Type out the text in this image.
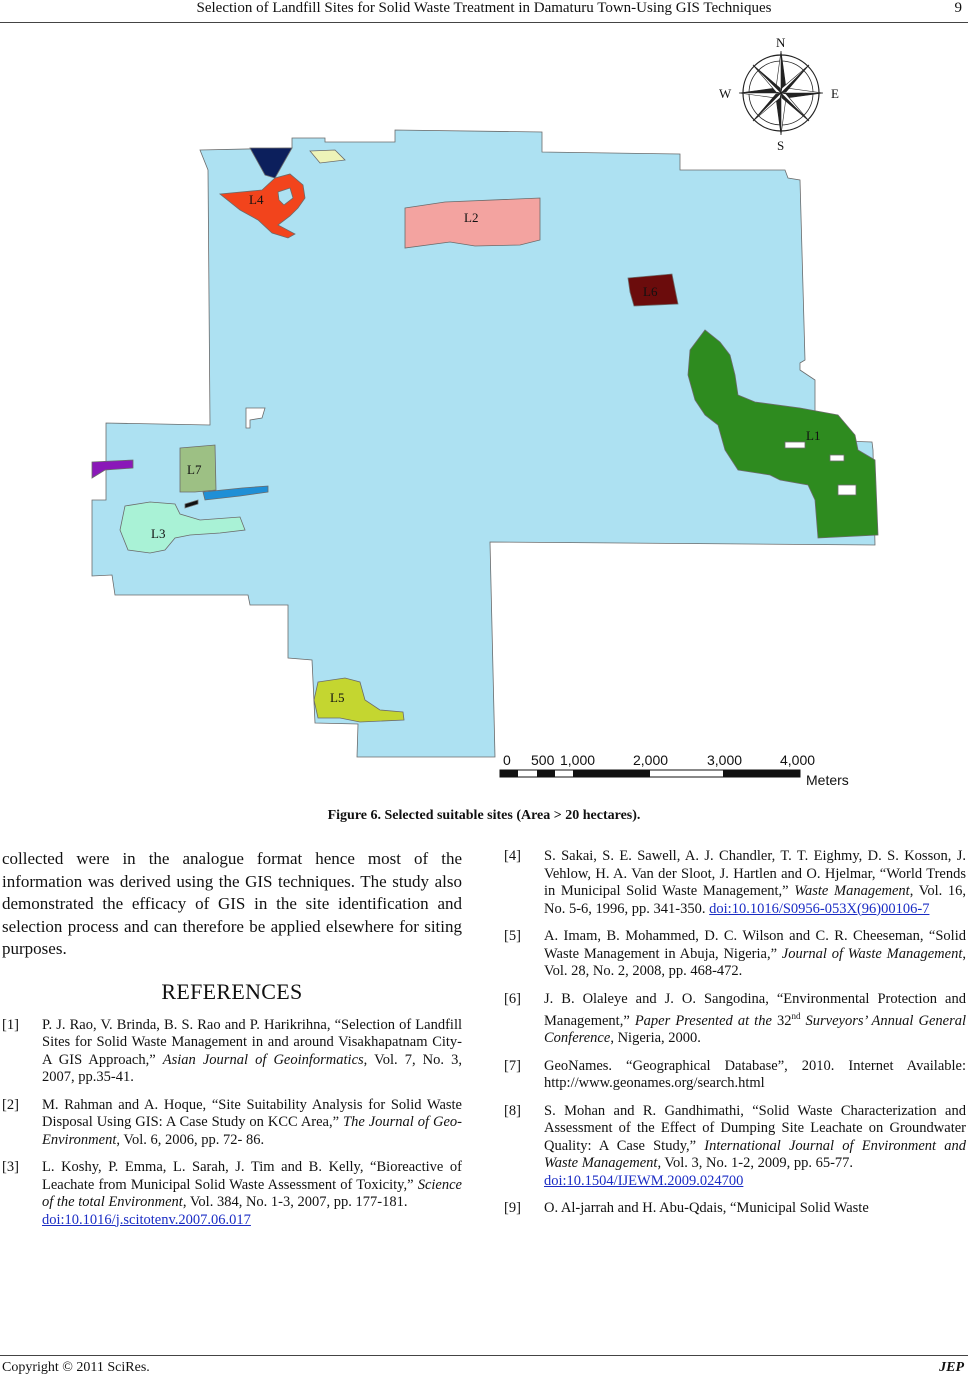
Selection of Landfill Sites for Solid Waste Treatment in Damaturu Town-Using GIS Techniques	9
L4
L2
L6
L1
L7
L3
L5
N
E
S
W
0 500 1,000	2,000	3,000	4,000
Meters
Figure 6. Selected suitable sites (Area > 20 hectares).

collected were in the analogue format hence most of the information was derived using the GIS techniques. The study also demonstrated the efficacy of GIS in the site identification and selection process and can therefore be applied elsewhere for siting purposes.

REFERENCES
[1] P. J. Rao, V. Brinda, B. S. Rao and P. Harikrihna, “Selection of Landfill Sites for Solid Waste Management in and around Visakhapatnam City-A GIS Approach,” Asian Journal of Geoinformatics, Vol. 7, No. 3, 2007, pp.35-41.
[2] M. Rahman and A. Hoque, “Site Suitability Analysis for Solid Waste Disposal Using GIS: A Case Study on KCC Area,” The Journal of Geo-Environment, Vol. 6, 2006, pp. 72- 86.
[3] L. Koshy, P. Emma, L. Sarah, J. Tim and B. Kelly, “Bioreactive of Leachate from Municipal Solid Waste Assessment of Toxicity,” Science of the total Environment, Vol. 384, No. 1-3, 2007, pp. 177-181.
doi:10.1016/j.scitotenv.2007.06.017
[4] S. Sakai, S. E. Sawell, A. J. Chandler, T. T. Eighmy, D. S. Kosson, J. Vehlow, H. A. Van der Sloot, J. Hartlen and O. Hjelmar, “World Trends in Municipal Solid Waste Management,” Waste Management, Vol. 16, No. 5-6, 1996, pp. 341-350. doi:10.1016/S0956-053X(96)00106-7
[5] A. Imam, B. Mohammed, D. C. Wilson and C. R. Cheeseman, “Solid Waste Management in Abuja, Nigeria,” Journal of Waste Management, Vol. 28, No. 2, 2008, pp. 468-472.
[6] J. B. Olaleye and J. O. Sangodina, “Environmental Protection and Management,” Paper Presented at the 32nd Surveyors’ Annual General Conference, Nigeria, 2000.
[7] GeoNames. “Geographical Database”, 2010. Internet Available: http://www.geonames.org/search.html
[8] S. Mohan and R. Gandhimathi, “Solid Waste Characterization and Assessment of the Effect of Dumping Site Leachate on Groundwater Quality: A Case Study,” International Journal of Environment and Waste Management, Vol. 3, No. 1-2, 2009, pp. 65-77.
doi:10.1504/IJEWM.2009.024700
[9] O. Al-jarrah and H. Abu-Qdais, “Municipal Solid Waste
Copyright © 2011 SciRes.	JEP
